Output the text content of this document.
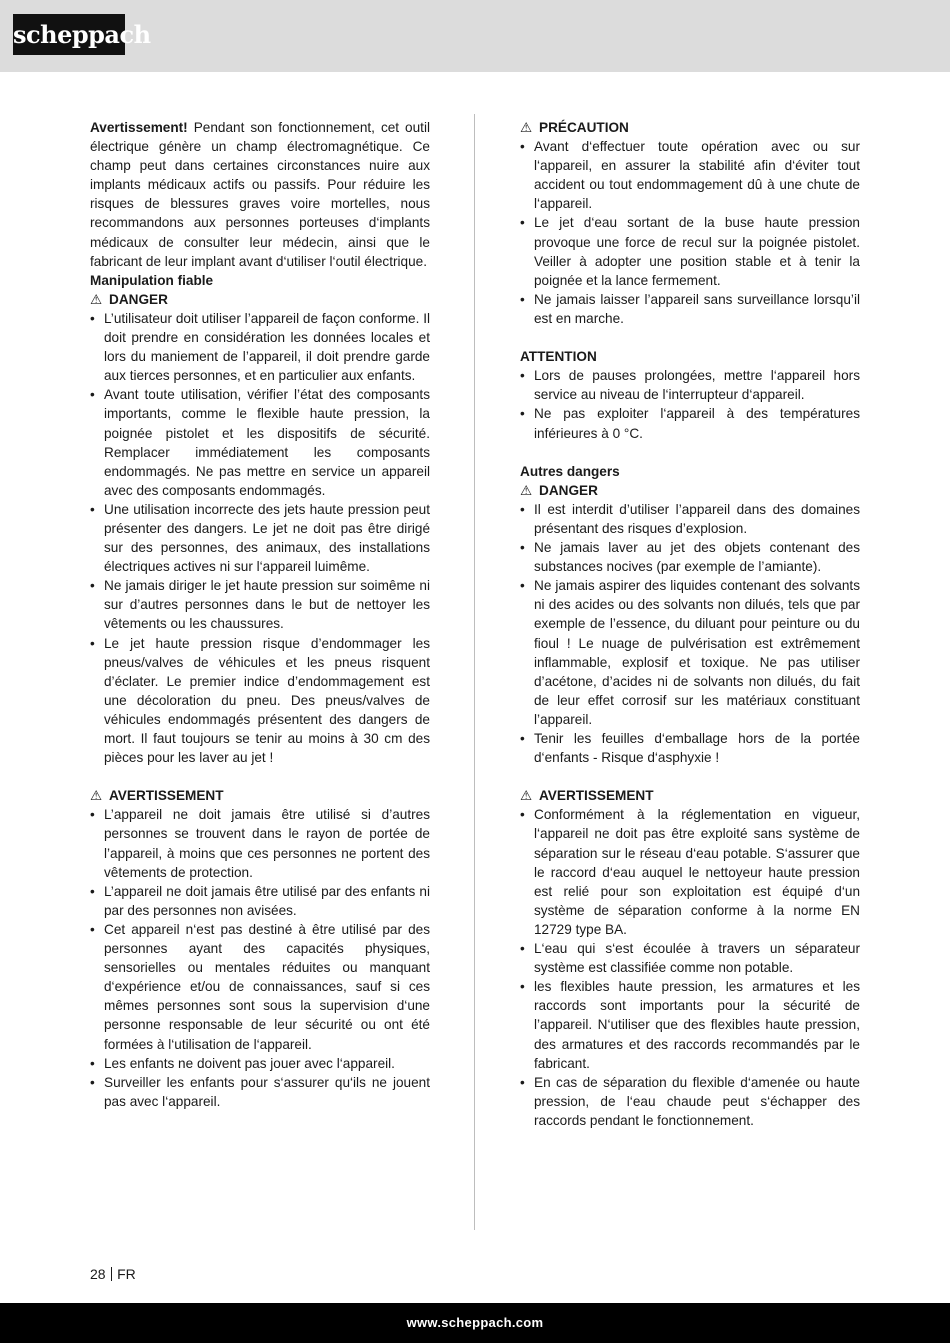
scheppach

Avertissement! Pendant son fonctionnement, cet outil électrique génère un champ électromagnétique. Ce champ peut dans certaines circonstances nuire aux implants médicaux actifs ou passifs. Pour réduire les risques de blessures graves voire mortelles, nous recommandons aux personnes porteuses d‘implants médicaux de consulter leur médecin, ainsi que le fabricant de leur implant avant d‘utiliser l‘outil électrique.

Manipulation fiable

⚠ DANGER

• L’utilisateur doit utiliser l’appareil de façon conforme. Il doit prendre en considération les données locales et lors du maniement de l’appareil, il doit prendre garde aux tierces personnes, et en particulier aux enfants.
• Avant toute utilisation, vérifier l’état des composants importants, comme le flexible haute pression, la poignée pistolet et les dispositifs de sécurité. Remplacer immédiatement les composants endommagés. Ne pas mettre en service un appareil avec des composants endommagés.
• Une utilisation incorrecte des jets haute pression peut présenter des dangers. Le jet ne doit pas être dirigé sur des personnes, des animaux, des installations électriques actives ni sur l‘appareil luimême.
• Ne jamais diriger le jet haute pression sur soimême ni sur d’autres personnes dans le but de nettoyer les vêtements ou les chaussures.
• Le jet haute pression risque d’endommager les pneus/valves de véhicules et les pneus risquent d’éclater. Le premier indice d’endommagement est une décoloration du pneu. Des pneus/valves de véhicules endommagés présentent des dangers de mort. Il faut toujours se tenir au moins à 30 cm des pièces pour les laver au jet !

⚠ AVERTISSEMENT

• L’appareil ne doit jamais être utilisé si d’autres personnes se trouvent dans le rayon de portée de l’appareil, à moins que ces personnes ne portent des vêtements de protection.
• L’appareil ne doit jamais être utilisé par des enfants ni par des personnes non avisées.
• Cet appareil n‘est pas destiné à être utilisé par des personnes ayant des capacités physiques, sensorielles ou mentales réduites ou manquant d‘expérience et/ou de connaissances, sauf si ces mêmes personnes sont sous la supervision d‘une personne responsable de leur sécurité ou ont été formées à l‘utilisation de l‘appareil.
• Les enfants ne doivent pas jouer avec l‘appareil.
• Surveiller les enfants pour s‘assurer qu‘ils ne jouent pas avec l‘appareil.

⚠ PRÉCAUTION

• Avant d‘effectuer toute opération avec ou sur l‘appareil, en assurer la stabilité afin d‘éviter tout accident ou tout endommagement dû à une chute de l‘appareil.
• Le jet d‘eau sortant de la buse haute pression provoque une force de recul sur la poignée pistolet. Veiller à adopter une position stable et à tenir la poignée et la lance fermement.
• Ne jamais laisser l’appareil sans surveillance lorsqu’il est en marche.

ATTENTION

• Lors de pauses prolongées, mettre l‘appareil hors service au niveau de l‘interrupteur d‘appareil.
• Ne pas exploiter l‘appareil à des températures inférieures à 0 °C.

Autres dangers

⚠ DANGER

• Il est interdit d’utiliser l’appareil dans des domaines présentant des risques d’explosion.
• Ne jamais laver au jet des objets contenant des substances nocives (par exemple de l’amiante).
• Ne jamais aspirer des liquides contenant des solvants ni des acides ou des solvants non dilués, tels que par exemple de l’essence, du diluant pour peinture ou du fioul ! Le nuage de pulvérisation est extrêmement inflammable, explosif et toxique. Ne pas utiliser d’acétone, d’acides ni de solvants non dilués, du fait de leur effet corrosif sur les matériaux constituant l’appareil.
• Tenir les feuilles d‘emballage hors de la portée d‘enfants - Risque d‘asphyxie !

⚠ AVERTISSEMENT

• Conformément à la réglementation en vigueur, l‘appareil ne doit pas être exploité sans système de séparation sur le réseau d‘eau potable. S‘assurer que le raccord d‘eau auquel le nettoyeur haute pression est relié pour son exploitation est équipé d‘un système de séparation conforme à la norme EN 12729 type BA.
• L‘eau qui s‘est écoulée à travers un séparateur système est classifiée comme non potable.
• les flexibles haute pression, les armatures et les raccords sont importants pour la sécurité de l’appareil. N‘utiliser que des flexibles haute pression, des armatures et des raccords recommandés par le fabricant.
• En cas de séparation du flexible d‘amenée ou haute pression, de l‘eau chaude peut s‘échapper des raccords pendant le fonctionnement.
28 FR
www.scheppach.com
